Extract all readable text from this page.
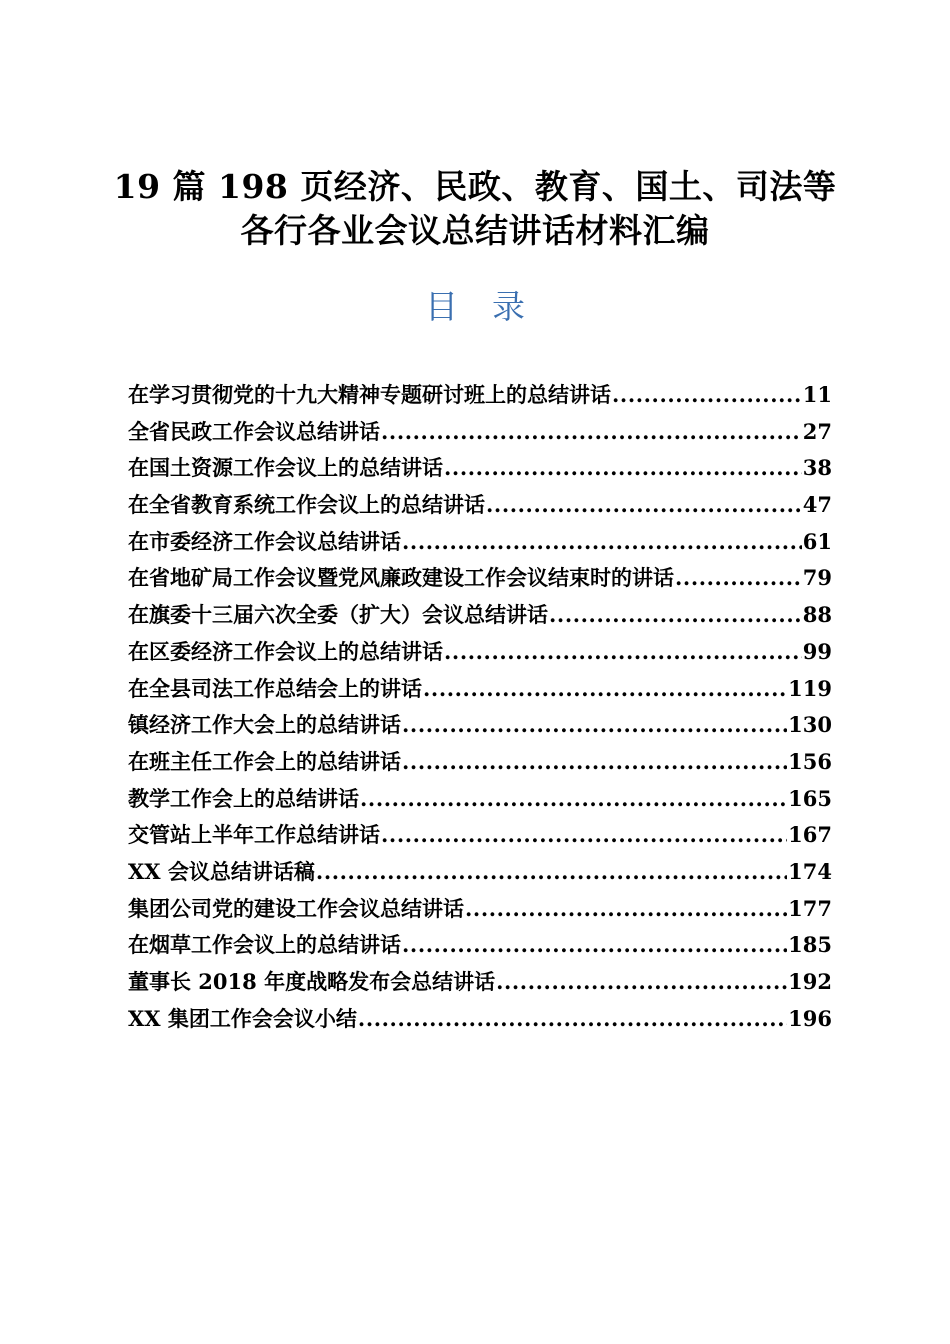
19 篇 198 页经济、民政、教育、国土、司法等
各行各业会议总结讲话材料汇编
目录
在学习贯彻党的十九大精神专题研讨班上的总结讲话 .....	11
全省民政工作会议总结讲话 .....	27
在国土资源工作会议上的总结讲话 .....	38
在全省教育系统工作会议上的总结讲话 .....	47
在市委经济工作会议总结讲话 .....	61
在省地矿局工作会议暨党风廉政建设工作会议结束时的讲话 .....	79
在旗委十三届六次全委（扩大）会议总结讲话 .....	88
在区委经济工作会议上的总结讲话 .....	99
在全县司法工作总结会上的讲话 .....	119
镇经济工作大会上的总结讲话 .....	130
在班主任工作会上的总结讲话 .....	156
教学工作会上的总结讲话 .....	165
交管站上半年工作总结讲话 .....	167
XX 会议总结讲话稿 .....	174
集团公司党的建设工作会议总结讲话 .....	177
在烟草工作会议上的总结讲话 .....	185
董事长 2018 年度战略发布会总结讲话 .....	192
XX 集团工作会会议小结 .....	196
